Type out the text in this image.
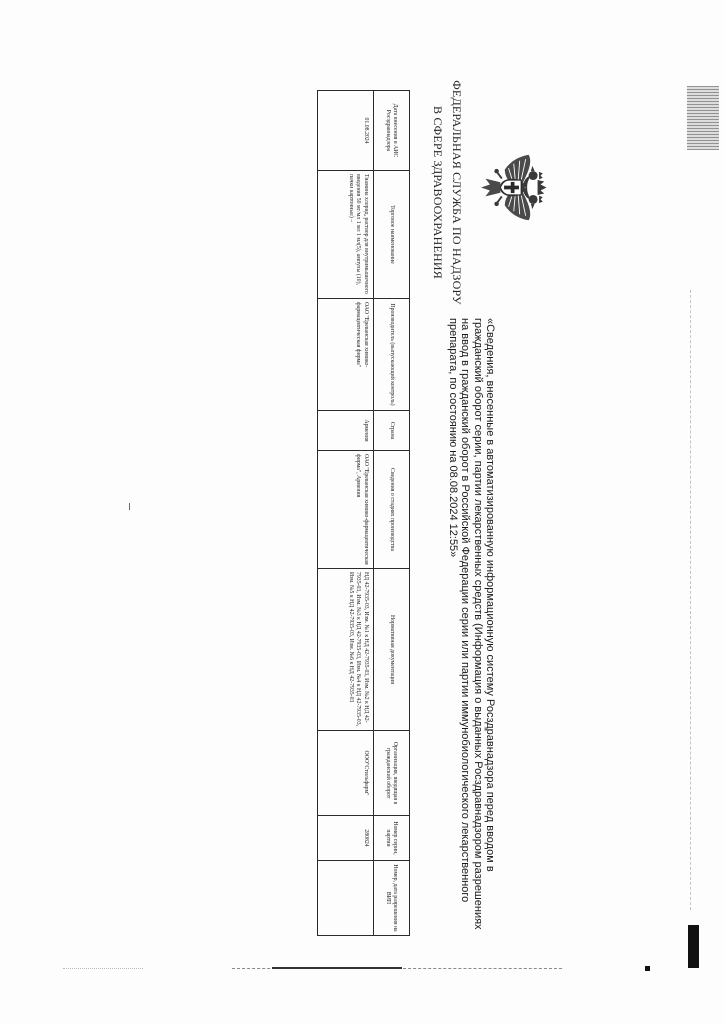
ФЕДЕРАЛЬНАЯ СЛУЖБА ПО НАДЗОРУ
В СФЕРЕ ЗДРАВООХРАНЕНИЯ
«Сведения, внесенные в автоматизированную информационную систему Росздравнадзора перед вводом в
гражданский оборот серии, партии лекарственных средств (Информация о выданных Росздравнадзором разрешениях
на ввод в гражданский оборот в Российской Федерации серии или партии иммунобиологического лекарственного
препарата, по состоянию на 08.08.2024 12:55»
Дата внесения в АИС Росздравнадзора	Торговое наименование	Производитель (выпускающий контроль)	Страна	Сведения о стадиях производства	Нормативная документация	Организация, вводящая в гражданский оборот	Номер серии, партии	Номер, дата разрешения на ВИП
01.08.2024	Тиамина хлорид, раствор для внутримышечного введения 50 мг/мл 1 мл 1 мл(5), ампулы (10), пачки картонные) –	ОАО "Ереванская химико-фармацевтическая фирма"	Армения	ОАО "Ереванская химико-фармацевтическая фирма", Армения	НД 42-7935-03, Изм. №1 к НД 42-7935-03, Изм. №2 к НД 42-7935-03, Изм. №3 к НД 42-7935-03, Изм. №4 к НД 42-7935-03, Изм. №5 к НД 42-7935-03, Изм. №6 к НД 42-7935-03	ООО"Стильфарм"	280824	
